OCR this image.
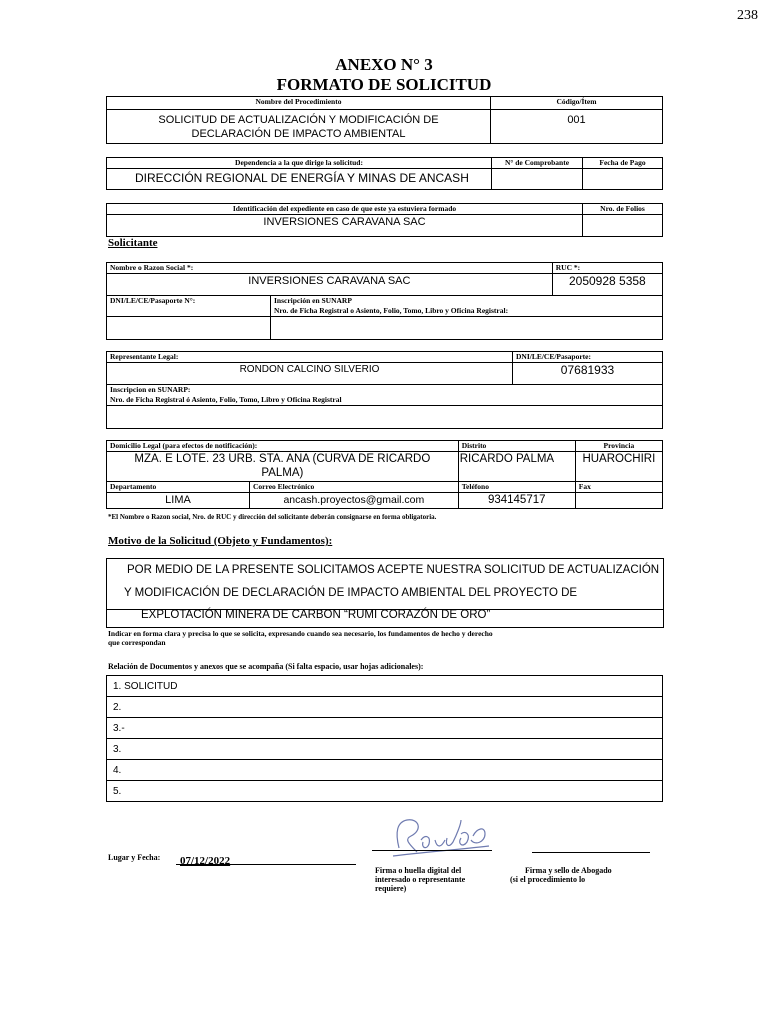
238
ANEXO N° 3
FORMATO DE SOLICITUD
Nombre del Procedimiento	Código/Ítem

SOLICITUD DE ACTUALIZACIÓN Y MODIFICACIÓN DE
DECLARACIÓN DE IMPACTO AMBIENTAL	001
Dependencia a la que dirige la solicitud:	N° de Comprobante	Fecha de Pago
DIRECCIÓN REGIONAL DE ENERGÍA Y MINAS DE ANCASH		
Identificación del expediente en caso de que este ya estuviera formado	Nro. de Folios
INVERSIONES CARAVANA SAC	
Solicitante
Nombre o Razon Social *:		RUC *:
INVERSIONES CARAVANA SAC		2050928 5358
DNI/LE/CE/Pasaporte N°:	Inscripción en SUNARP
Nro. de Ficha Registral o Asiento, Folio, Tomo, Libro y Oficina Registral:	

Representante Legal:	DNI/LE/CE/Pasaporte:
RONDON CALCINO SILVERIO	07681933

Inscripcion en SUNARP:
Nro. de Ficha Registral ó Asiento, Folio, Tomo, Libro y Oficina Registral	

Domicilio Legal (para efectos de notificación):		Distrito	Provincia

MZA. E LOTE. 23 URB. STA. ANA (CURVA DE RICARDO
PALMA)		RICARDO PALMA	HUAROCHIRI
Departamento	Correo Electrónico	Teléfono	Fax
LIMA	ancash.proyectos@gmail.com	934145717	
*El Nombre o Razon social, Nro. de RUC y dirección del solicitante deberán consignarse en forma obligatoria.
Motivo de la Solicitud (Objeto y Fundamentos):
POR MEDIO DE LA PRESENTE SOLICITAMOS ACEPTE NUESTRA SOLICITUD DE ACTUALIZACIÓN
Y MODIFICACIÓN DE DECLARACIÓN DE IMPACTO AMBIENTAL DEL PROYECTO DE
EXPLOTACIÓN MINERA DE CARBON “RUMI CORAZÓN DE ORO”
Indicar en forma clara y precisa lo que se solicita, expresando cuando sea necesario, los fundamentos de hecho y derecho
que correspondan
Relación de Documentos y anexos que se acompaña (Si falta espacio, usar hojas adicionales):
1. SOLICITUD
2.
3.-
3.
4.
5.
Lugar y Fecha:	07/12/2022
Firma o huella digital del
interesado o representante
requiere)
Firma y sello de Abogado
(si el procedimiento lo
